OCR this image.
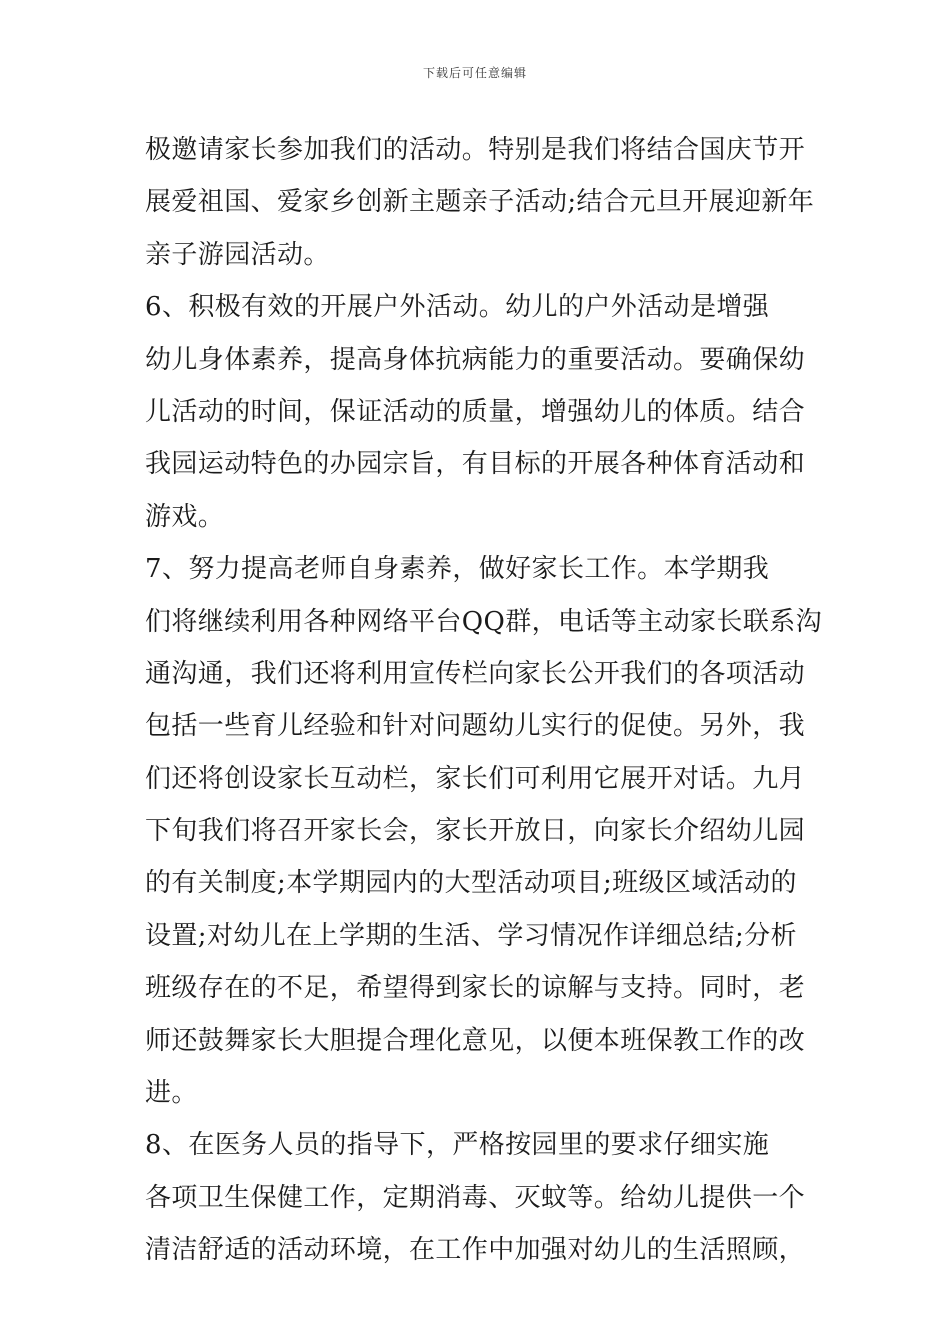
下载后可任意编辑
极邀请家长参加我们的活动。特别是我们将结合国庆节开
展爱祖国、爱家乡创新主题亲子活动;结合元旦开展迎新年
亲子游园活动。
6、积极有效的开展户外活动。幼儿的户外活动是增强
幼儿身体素养，提高身体抗病能力的重要活动。要确保幼
儿活动的时间，保证活动的质量，增强幼儿的体质。结合
我园运动特色的办园宗旨，有目标的开展各种体育活动和
游戏。
7、努力提高老师自身素养，做好家长工作。本学期我
们将继续利用各种网络平台QQ群，电话等主动家长联系沟
通沟通，我们还将利用宣传栏向家长公开我们的各项活动
包括一些育儿经验和针对问题幼儿实行的促使。另外，我
们还将创设家长互动栏，家长们可利用它展开对话。九月
下旬我们将召开家长会，家长开放日，向家长介绍幼儿园
的有关制度;本学期园内的大型活动项目;班级区域活动的
设置;对幼儿在上学期的生活、学习情况作详细总结;分析
班级存在的不足，希望得到家长的谅解与支持。同时，老
师还鼓舞家长大胆提合理化意见，以便本班保教工作的改
进。
8、在医务人员的指导下，严格按园里的要求仔细实施
各项卫生保健工作，定期消毒、灭蚊等。给幼儿提供一个
清洁舒适的活动环境，在工作中加强对幼儿的生活照顾，
